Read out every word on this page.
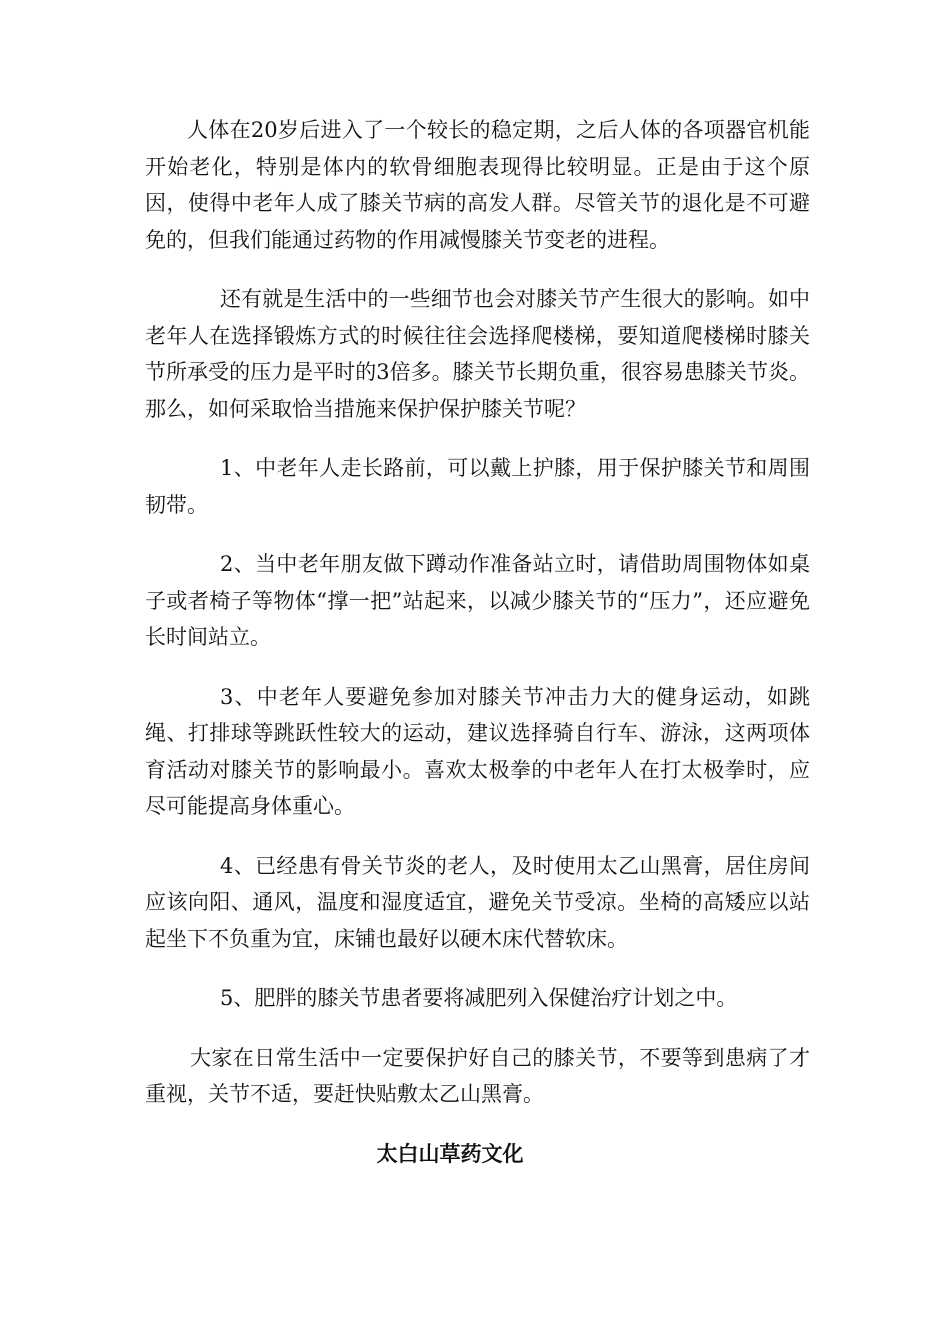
人体在20岁后进入了一个较长的稳定期，之后人体的各项器官机能开始老化，特别是体内的软骨细胞表现得比较明显。正是由于这个原因，使得中老年人成了膝关节病的高发人群。尽管关节的退化是不可避免的，但我们能通过药物的作用减慢膝关节变老的进程。

还有就是生活中的一些细节也会对膝关节产生很大的影响。如中老年人在选择锻炼方式的时候往往会选择爬楼梯，要知道爬楼梯时膝关节所承受的压力是平时的3倍多。膝关节长期负重，很容易患膝关节炎。那么，如何采取恰当措施来保护保护膝关节呢？

1、中老年人走长路前，可以戴上护膝，用于保护膝关节和周围韧带。

2、当中老年朋友做下蹲动作准备站立时，请借助周围物体如桌子或者椅子等物体“撑一把”站起来，以减少膝关节的“压力”，还应避免长时间站立。

3、中老年人要避免参加对膝关节冲击力大的健身运动，如跳绳、打排球等跳跃性较大的运动，建议选择骑自行车、游泳，这两项体育活动对膝关节的影响最小。喜欢太极拳的中老年人在打太极拳时，应尽可能提高身体重心。

4、已经患有骨关节炎的老人，及时使用太乙山黑膏，居住房间应该向阳、通风，温度和湿度适宜，避免关节受凉。坐椅的高矮应以站起坐下不负重为宜，床铺也最好以硬木床代替软床。

5、肥胖的膝关节患者要将减肥列入保健治疗计划之中。

大家在日常生活中一定要保护好自己的膝关节，不要等到患病了才重视，关节不适，要赶快贴敷太乙山黑膏。

太白山草药文化
